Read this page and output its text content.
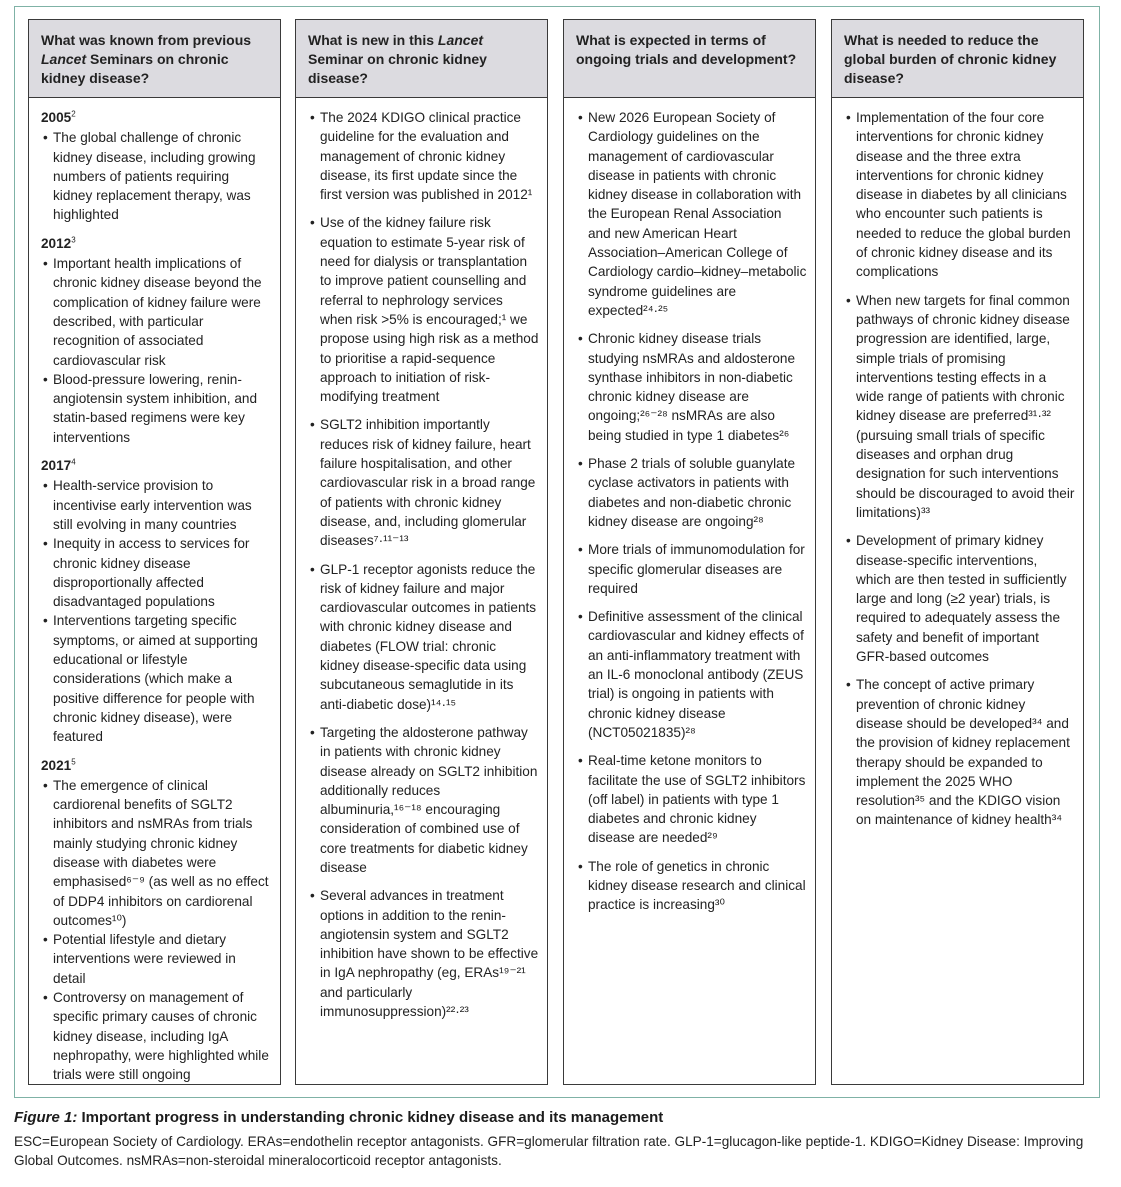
What was known from previous Lancet Seminars on chronic kidney disease?
2005$^2$
• The global challenge of chronic kidney disease, including growing numbers of patients requiring kidney replacement therapy, was highlighted
2012$^3$
• Important health implications of chronic kidney disease beyond the complication of kidney failure were described, with particular recognition of associated cardiovascular risk
• Blood-pressure lowering, renin-angiotensin system inhibition, and statin-based regimens were key interventions
2017$^4$
• Health-service provision to incentivise early intervention was still evolving in many countries
• Inequity in access to services for chronic kidney disease disproportionally affected disadvantaged populations
• Interventions targeting specific symptoms, or aimed at supporting educational or lifestyle considerations (which make a positive difference for people with chronic kidney disease), were featured
2021$^5$
• The emergence of clinical cardiorenal benefits of SGLT2 inhibitors and nsMRAs from trials mainly studying chronic kidney disease with diabetes were emphasised⁶⁻⁹ (as well as no effect of DDP4 inhibitors on cardiorenal outcomes¹⁰)
• Potential lifestyle and dietary interventions were reviewed in detail
• Controversy on management of specific primary causes of chronic kidney disease, including IgA nephropathy, were highlighted while trials were still ongoing
What is new in this Lancet Seminar on chronic kidney disease?
• The 2024 KDIGO clinical practice guideline for the evaluation and management of chronic kidney disease, its first update since the first version was published in 2012¹
• Use of the kidney failure risk equation to estimate 5-year risk of need for dialysis or transplantation to improve patient counselling and referral to nephrology services when risk >5% is encouraged;¹ we propose using high risk as a method to prioritise a rapid-sequence approach to initiation of risk-modifying treatment
• SGLT2 inhibition importantly reduces risk of kidney failure, heart failure hospitalisation, and other cardiovascular risk in a broad range of patients with chronic kidney disease, and, including glomerular diseases⁷·¹¹⁻¹³
• GLP-1 receptor agonists reduce the risk of kidney failure and major cardiovascular outcomes in patients with chronic kidney disease and diabetes (FLOW trial: chronic kidney disease-specific data using subcutaneous semaglutide in its anti-diabetic dose)¹⁴·¹⁵
• Targeting the aldosterone pathway in patients with chronic kidney disease already on SGLT2 inhibition additionally reduces albuminuria,¹⁶⁻¹⁸ encouraging consideration of combined use of core treatments for diabetic kidney disease
• Several advances in treatment options in addition to the renin-angiotensin system and SGLT2 inhibition have shown to be effective in IgA nephropathy (eg, ERAs¹⁹⁻²¹ and particularly immunosuppression)²²·²³
What is expected in terms of ongoing trials and development?
• New 2026 European Society of Cardiology guidelines on the management of cardiovascular disease in patients with chronic kidney disease in collaboration with the European Renal Association and new American Heart Association–American College of Cardiology cardio–kidney–metabolic syndrome guidelines are expected²⁴·²⁵
• Chronic kidney disease trials studying nsMRAs and aldosterone synthase inhibitors in non-diabetic chronic kidney disease are ongoing;²⁶⁻²⁸ nsMRAs are also being studied in type 1 diabetes²⁶
• Phase 2 trials of soluble guanylate cyclase activators in patients with diabetes and non-diabetic chronic kidney disease are ongoing²⁸
• More trials of immunomodulation for specific glomerular diseases are required
• Definitive assessment of the clinical cardiovascular and kidney effects of an anti-inflammatory treatment with an IL-6 monoclonal antibody (ZEUS trial) is ongoing in patients with chronic kidney disease (NCT05021835)²⁸
• Real-time ketone monitors to facilitate the use of SGLT2 inhibitors (off label) in patients with type 1 diabetes and chronic kidney disease are needed²⁹
• The role of genetics in chronic kidney disease research and clinical practice is increasing³⁰
What is needed to reduce the global burden of chronic kidney disease?
• Implementation of the four core interventions for chronic kidney disease and the three extra interventions for chronic kidney disease in diabetes by all clinicians who encounter such patients is needed to reduce the global burden of chronic kidney disease and its complications
• When new targets for final common pathways of chronic kidney disease progression are identified, large, simple trials of promising interventions testing effects in a wide range of patients with chronic kidney disease are preferred³¹·³² (pursuing small trials of specific diseases and orphan drug designation for such interventions should be discouraged to avoid their limitations)³³
• Development of primary kidney disease-specific interventions, which are then tested in sufficiently large and long (≥2 year) trials, is required to adequately assess the safety and benefit of important GFR-based outcomes
• The concept of active primary prevention of chronic kidney disease should be developed³⁴ and the provision of kidney replacement therapy should be expanded to implement the 2025 WHO resolution³⁵ and the KDIGO vision on maintenance of kidney health³⁴
Figure 1: Important progress in understanding chronic kidney disease and its management
ESC=European Society of Cardiology. ERAs=endothelin receptor antagonists. GFR=glomerular filtration rate. GLP-1=glucagon-like peptide-1. KDIGO=Kidney Disease: Improving Global Outcomes. nsMRAs=non-steroidal mineralocorticoid receptor antagonists.
